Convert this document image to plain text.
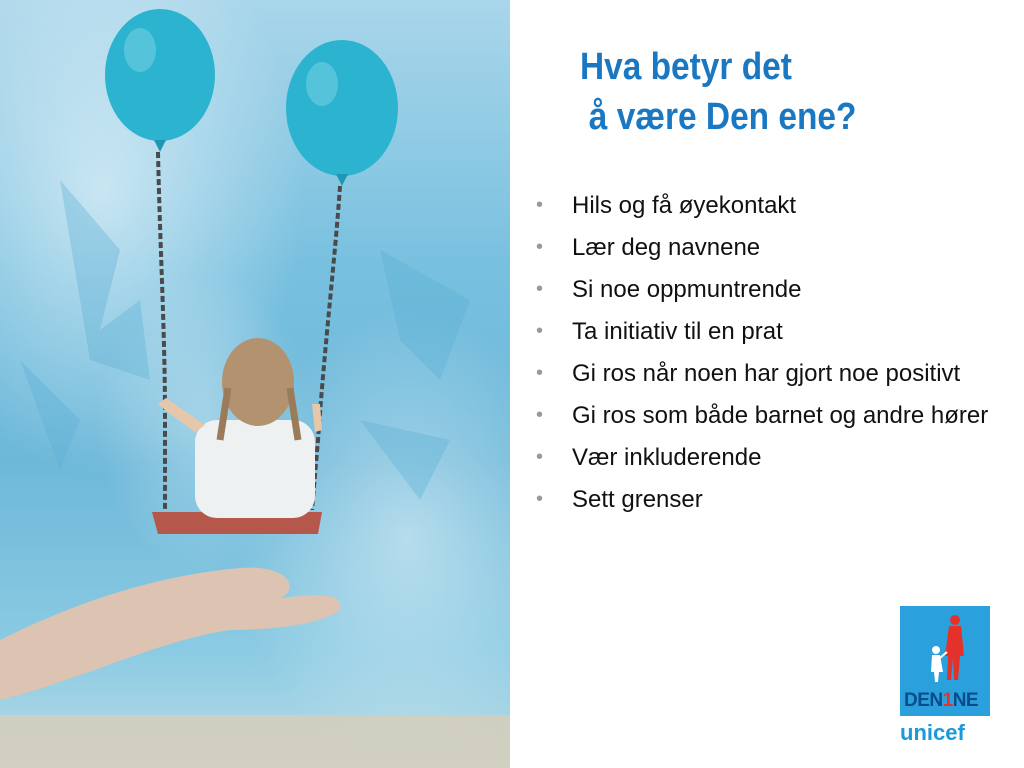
Hva betyr det
å være Den ene?
• Hils og få øyekontakt
• Lær deg navnene
• Si noe oppmuntrende
• Ta initiativ til en prat
• Gi ros når noen har gjort noe positivt
• Gi ros som både barnet og andre hører
• Vær inkluderende
• Sett grenser
DEN1NE
unicef
